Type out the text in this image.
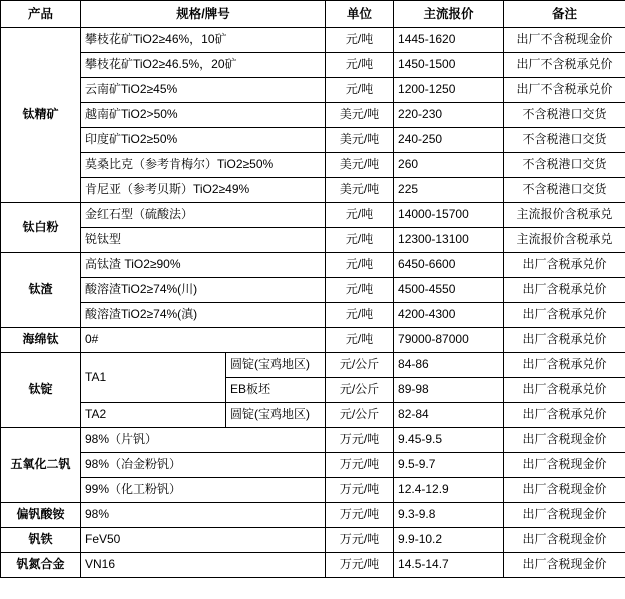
产品	规格/牌号		单位	主流报价	备注
钛精矿	攀枝花矿TiO2≥46%，10矿		元/吨	1445-1620	出厂不含税现金价
	攀枝花矿TiO2≥46.5%，20矿		元/吨	1450-1500	出厂不含税承兑价
	云南矿TiO2≥45%		元/吨	1200-1250	出厂不含税承兑价
	越南矿TiO2>50%		美元/吨	220-230	不含税港口交货
	印度矿TiO2≥50%		美元/吨	240-250	不含税港口交货
	莫桑比克（参考肯梅尔）TiO2≥50%		美元/吨	260	不含税港口交货
	肯尼亚（参考贝斯）TiO2≥49%		美元/吨	225	不含税港口交货
钛白粉	金红石型（硫酸法）		元/吨	14000-15700	主流报价含税承兑
	锐钛型		元/吨	12300-13100	主流报价含税承兑
钛渣	高钛渣 TiO2≥90%		元/吨	6450-6600	出厂含税承兑价
	酸溶渣TiO2≥74%(川)		元/吨	4500-4550	出厂含税承兑价
	酸溶渣TiO2≥74%(滇)		元/吨	4200-4300	出厂含税承兑价
海绵钛	0#		元/吨	79000-87000	出厂含税承兑价
钛锭	TA1	圆锭(宝鸡地区)	元/公斤	84-86	出厂含税承兑价
		EB板坯	元/公斤	89-98	出厂含税承兑价
	TA2	圆锭(宝鸡地区)	元/公斤	82-84	出厂含税承兑价
五氧化二钒	98%（片钒）		万元/吨	9.45-9.5	出厂含税现金价
	98%（冶金粉钒）		万元/吨	9.5-9.7	出厂含税现金价
	99%（化工粉钒）		万元/吨	12.4-12.9	出厂含税现金价
偏钒酸铵	98%		万元/吨	9.3-9.8	出厂含税现金价
钒铁	FeV50		万元/吨	9.9-10.2	出厂含税现金价
钒氮合金	VN16		万元/吨	14.5-14.7	出厂含税现金价
